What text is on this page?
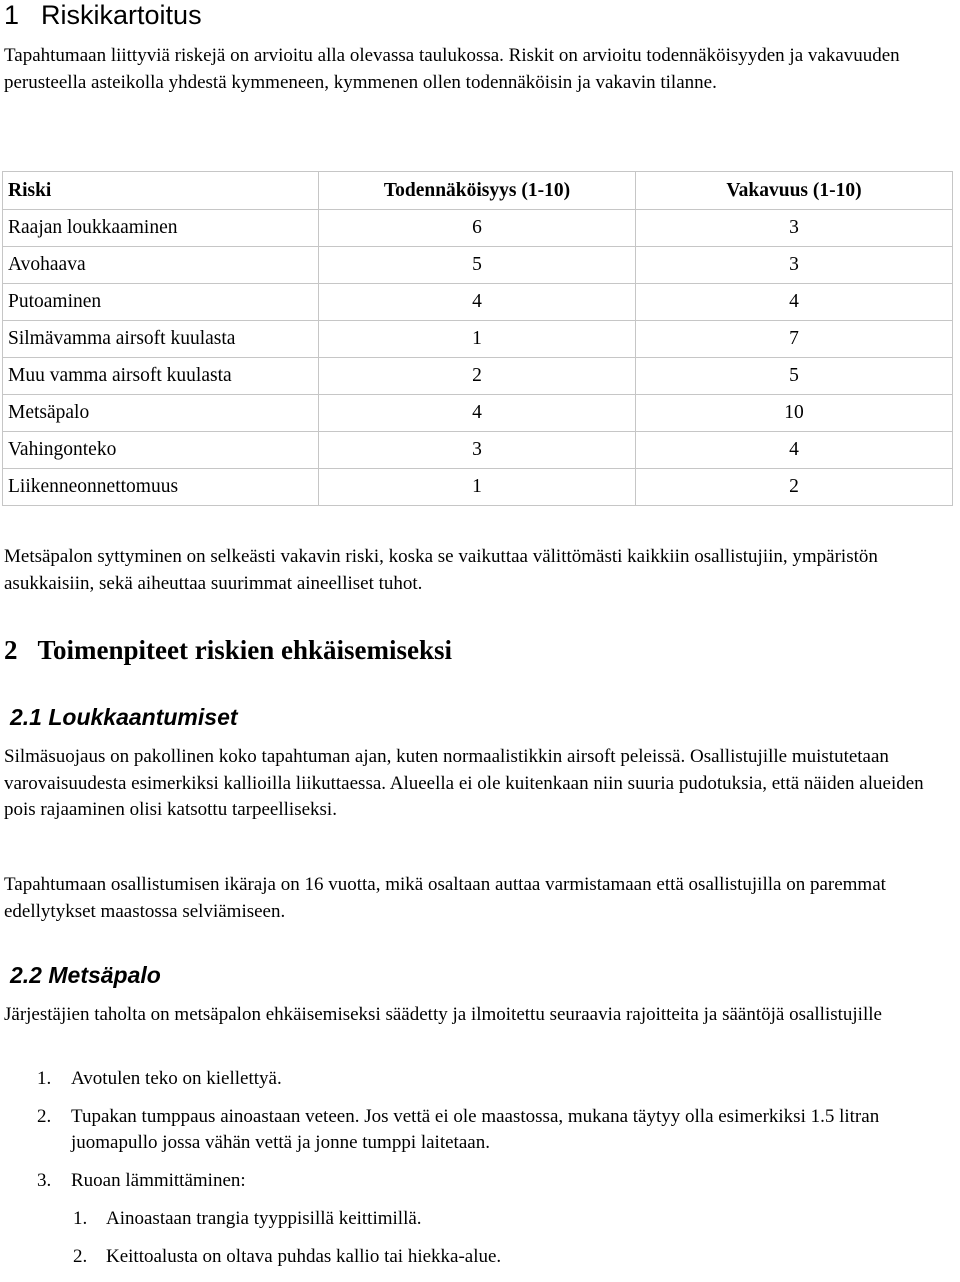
1 Riskikartoitus

Tapahtumaan liittyviä riskejä on arvioitu alla olevassa taulukossa. Riskit on arvioitu todennäköisyyden ja vakavuuden perusteella asteikolla yhdestä kymmeneen, kymmenen ollen todennäköisin ja vakavin tilanne.

Riski	Todennäköisyys (1-10)	Vakavuus (1-10)
Raajan loukkaaminen	6	3
Avohaava	5	3
Putoaminen	4	4
Silmävamma airsoft kuulasta	1	7
Muu vamma airsoft kuulasta	2	5
Metsäpalo	4	10
Vahingonteko	3	4
Liikenneonnettomuus	1	2

Metsäpalon syttyminen on selkeästi vakavin riski, koska se vaikuttaa välittömästi kaikkiin osallistujiin, ympäristön asukkaisiin, sekä aiheuttaa suurimmat aineelliset tuhot.

2 Toimenpiteet riskien ehkäisemiseksi
2.1 Loukkaantumiset

Silmäsuojaus on pakollinen koko tapahtuman ajan, kuten normaalistikkin airsoft peleissä. Osallistujille muistutetaan varovaisuudesta esimerkiksi kallioilla liikuttaessa. Alueella ei ole kuitenkaan niin suuria pudotuksia, että näiden alueiden pois rajaaminen olisi katsottu tarpeelliseksi.

Tapahtumaan osallistumisen ikäraja on 16 vuotta, mikä osaltaan auttaa varmistamaan että osallistujilla on paremmat edellytykset maastossa selviämiseen.

2.2 Metsäpalo

Järjestäjien taholta on metsäpalon ehkäisemiseksi säädetty ja ilmoitettu seuraavia rajoitteita ja sääntöjä osallistujille

1. Avotulen teko on kiellettyä.
2. Tupakan tumppaus ainoastaan veteen. Jos vettä ei ole maastossa, mukana täytyy olla esimerkiksi 1.5 litran juomapullo jossa vähän vettä ja jonne tumppi laitetaan.
3. Ruoan lämmittäminen:
1. Ainoastaan trangia tyyppisillä keittimillä.
2. Keittoalusta on oltava puhdas kallio tai hiekka-alue.
